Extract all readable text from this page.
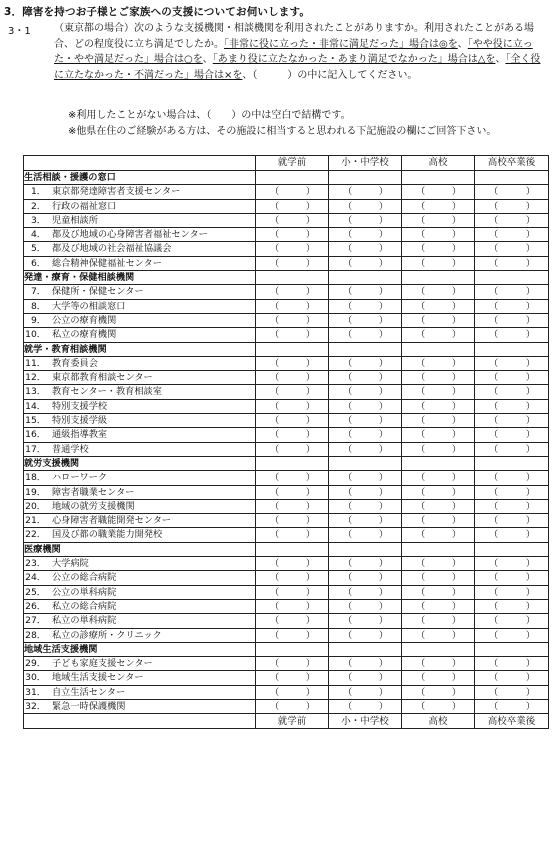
3．障害を持つお子様とご家族への支援についてお伺いします。
3・1 （東京都の場合）次のような支援機関・相談機関を利用されたことがありますか。利用されたことがある場合、どの程度役に立ち満足でしたか。「非常に役に立った・非常に満足だった」場合は◎を、「やや役に立った・やや満足だった」場合は○を、「あまり役に立たなかった・あまり満足でなかった」場合は△を、「全く役に立たなかった・不満だった」場合は×を、（　　　）の中に記入してください。
※利用したことがない場合は、（　　）の中は空白で結構です。
※他県在住のご経験がある方は、その施設に相当すると思われる下記施設の欄にご回答下さい。
	就学前	小・中学校	高校	高校卒業後
生活相談・援護の窓口				
1． 東京都発達障害者支援センター	（ ）	（ ）	（ ）	（ ）

2． 行政の福祉窓口	（ ）	（ ）	（ ）	（ ）

3． 児童相談所	（ ）	（ ）	（ ）	（ ）

4． 都及び地域の心身障害者福祉センター	（ ）	（ ）	（ ）	（ ）

5． 都及び地域の社会福祉協議会	（ ）	（ ）	（ ）	（ ）

6． 総合精神保健福祉センター	（ ）	（ ）	（ ）	（ ）

発達・療育・保健相談機関				
7． 保健所・保健センター	（ ）	（ ）	（ ）	（ ）

8． 大学等の相談窓口	（ ）	（ ）	（ ）	（ ）

9． 公立の療育機関	（ ）	（ ）	（ ）	（ ）

10． 私立の療育機関	（ ）	（ ）	（ ）	（ ）

就学・教育相談機関				
11． 教育委員会	（ ）	（ ）	（ ）	（ ）

12． 東京都教育相談センター	（ ）	（ ）	（ ）	（ ）

13． 教育センター・教育相談室	（ ）	（ ）	（ ）	（ ）

14． 特別支援学校	（ ）	（ ）	（ ）	（ ）

15． 特別支援学級	（ ）	（ ）	（ ）	（ ）

16． 通級指導教室	（ ）	（ ）	（ ）	（ ）

17． 普通学校	（ ）	（ ）	（ ）	（ ）

就労支援機関				
18． ハローワーク	（ ）	（ ）	（ ）	（ ）

19． 障害者職業センター	（ ）	（ ）	（ ）	（ ）

20． 地域の就労支援機関	（ ）	（ ）	（ ）	（ ）

21． 心身障害者職能開発センター	（ ）	（ ）	（ ）	（ ）

22． 国及び都の職業能力開発校	（ ）	（ ）	（ ）	（ ）

医療機関				
23． 大学病院	（ ）	（ ）	（ ）	（ ）

24． 公立の総合病院	（ ）	（ ）	（ ）	（ ）

25． 公立の単科病院	（ ）	（ ）	（ ）	（ ）

26． 私立の総合病院	（ ）	（ ）	（ ）	（ ）

27． 私立の単科病院	（ ）	（ ）	（ ）	（ ）

28． 私立の診療所・クリニック	（ ）	（ ）	（ ）	（ ）

地域生活支援機関				
29． 子ども家庭支援センター	（ ）	（ ）	（ ）	（ ）

30． 地域生活支援センター	（ ）	（ ）	（ ）	（ ）

31． 自立生活センター	（ ）	（ ）	（ ）	（ ）

32． 緊急一時保護機関	（ ）	（ ）	（ ）	（ ）

	就学前	小・中学校	高校	高校卒業後
